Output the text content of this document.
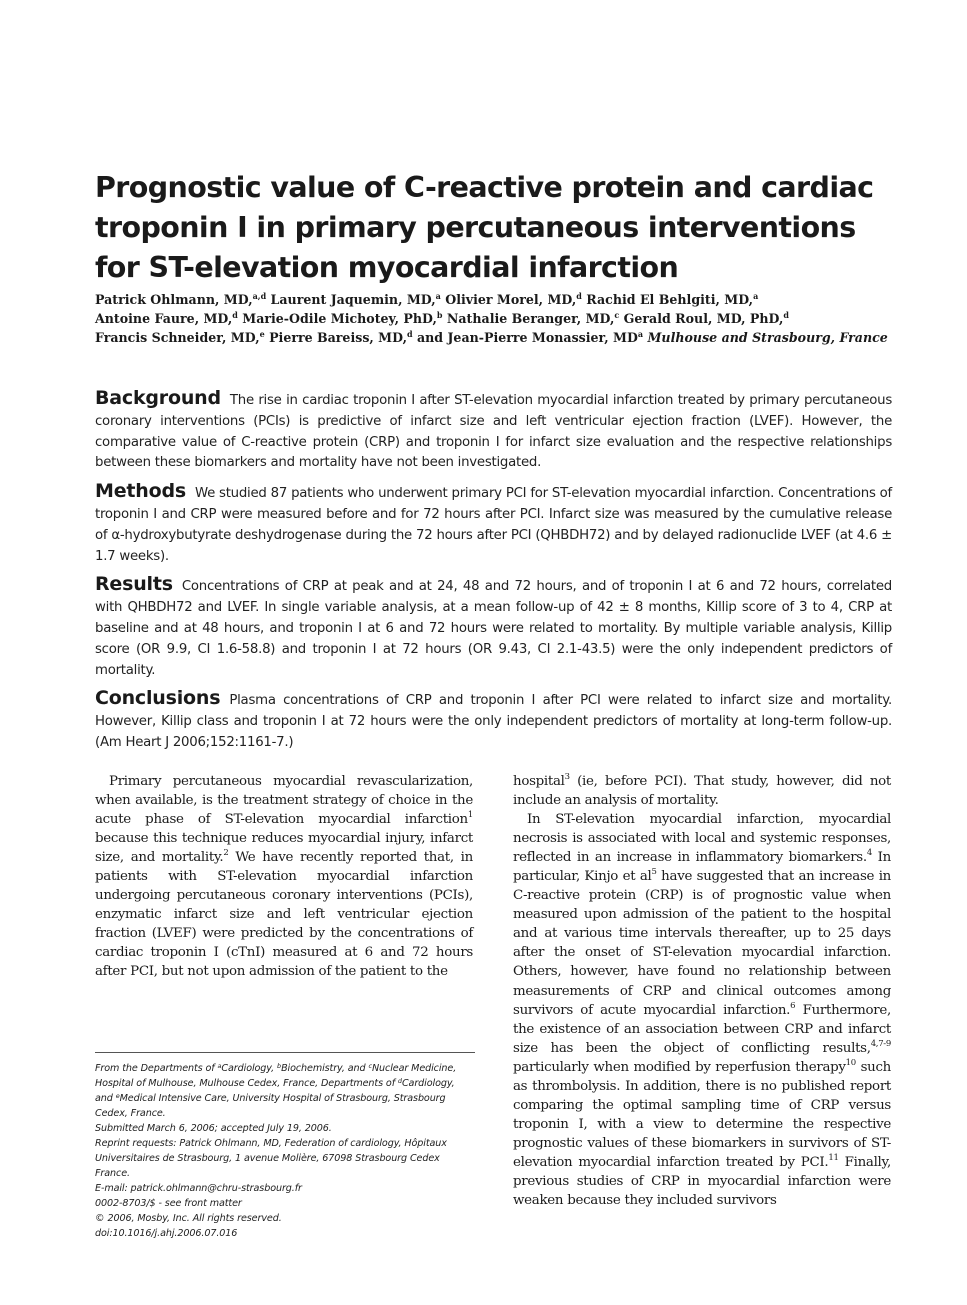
Prognostic value of C-reactive protein and cardiac
troponin I in primary percutaneous interventions
for ST-elevation myocardial infarction
Patrick Ohlmann, MD,$^{a,d}$ Laurent Jaquemin, MD,$^a$ Olivier Morel, MD,$^d$ Rachid El Behlgiti, MD,$^a$
Antoine Faure, MD,$^d$ Marie-Odile Michotey, PhD,$^b$ Nathalie Beranger, MD,$^c$ Gerald Roul, MD, PhD,$^d$
Francis Schneider, MD,$^e$ Pierre Bareiss, MD,$^d$ and Jean-Pierre Monassier, $MD^a$ Mulhouse and Strasbourg, France

Background The rise in cardiac troponin I after ST-elevation myocardial infarction treated by primary percutaneous coronary interventions (PCIs) is predictive of infarct size and left ventricular ejection fraction (LVEF). However, the comparative value of C-reactive protein (CRP) and troponin I for infarct size evaluation and the respective relationships between these biomarkers and mortality have not been investigated.

Methods We studied 87 patients who underwent primary PCI for ST-elevation myocardial infarction. Concentrations of troponin I and CRP were measured before and for 72 hours after PCI. Infarct size was measured by the cumulative release of α-hydroxybutyrate deshydrogenase during the 72 hours after PCI (QHBDH72) and by delayed radionuclide LVEF (at 4.6 ± 1.7 weeks).

Results Concentrations of CRP at peak and at 24, 48 and 72 hours, and of troponin I at 6 and 72 hours, correlated with QHBDH72 and LVEF. In single variable analysis, at a mean follow-up of 42 ± 8 months, Killip score of 3 to 4, CRP at baseline and at 48 hours, and troponin I at 6 and 72 hours were related to mortality. By multiple variable analysis, Killip score (OR 9.9, CI 1.6-58.8) and troponin I at 72 hours (OR 9.43, CI 2.1-43.5) were the only independent predictors of mortality.

Conclusions Plasma concentrations of CRP and troponin I after PCI were related to infarct size and mortality. However, Killip class and troponin I at 72 hours were the only independent predictors of mortality at long-term follow-up. (Am Heart J 2006;152:1161-7.)

Primary percutaneous myocardial revascularization, when available, is the treatment strategy of choice in the acute phase of ST-elevation myocardial infarction$^1$ because this technique reduces myocardial injury, infarct size, and mortality.$^2$ We have recently reported that, in patients with ST-elevation myocardial infarction undergoing percutaneous coronary interventions (PCIs), enzymatic infarct size and left ventricular ejection fraction (LVEF) were predicted by the concentrations of cardiac troponin I (cTnI) measured at 6 and 72 hours after PCI, but not upon admission of the patient to the

hospital$^3$ (ie, before PCI). That study, however, did not include an analysis of mortality.

In ST-elevation myocardial infarction, myocardial necrosis is associated with local and systemic responses, reflected in an increase in inflammatory biomarkers.$^4$ In particular, Kinjo et $al^5$ have suggested that an increase in C-reactive protein (CRP) is of prognostic value when measured upon admission of the patient to the hospital and at various time intervals thereafter, up to 25 days after the onset of ST-elevation myocardial infarction. Others, however, have found no relationship between measurements of CRP and clinical outcomes among survivors of acute myocardial infarction.$^6$ Furthermore, the existence of an association between CRP and infarct size has been the object of conflicting results,$^{4,7-9}$ particularly when modified by reperfusion therapy$^{10}$ such as thrombolysis. In addition, there is no published report comparing the optimal sampling time of CRP versus troponin I, with a view to determine the respective prognostic values of these biomarkers in survivors of ST-elevation myocardial infarction treated by PCI.$^{11}$ Finally, previous studies of CRP in myocardial infarction were weaken because they included survivors

From the Departments of $^a$Cardiology, $^b$Biochemistry, and $^c$Nuclear Medicine, Hospital of Mulhouse, Mulhouse Cedex, France, Departments of $^d$Cardiology, and $^e$Medical Intensive Care, University Hospital of Strasbourg, Strasbourg Cedex, France.
Submitted March 6, 2006; accepted July 19, 2006.
Reprint requests: Patrick Ohlmann, MD, Federation of cardiology, Hôpitaux Universitaires de Strasbourg, 1 avenue Molière, 67098 Strasbourg Cedex France.
E-mail: patrick.ohlmann@chru-strasbourg.fr
0002-8703/$ - see front matter
© 2006, Mosby, Inc. All rights reserved.
doi:10.1016/j.ahj.2006.07.016
